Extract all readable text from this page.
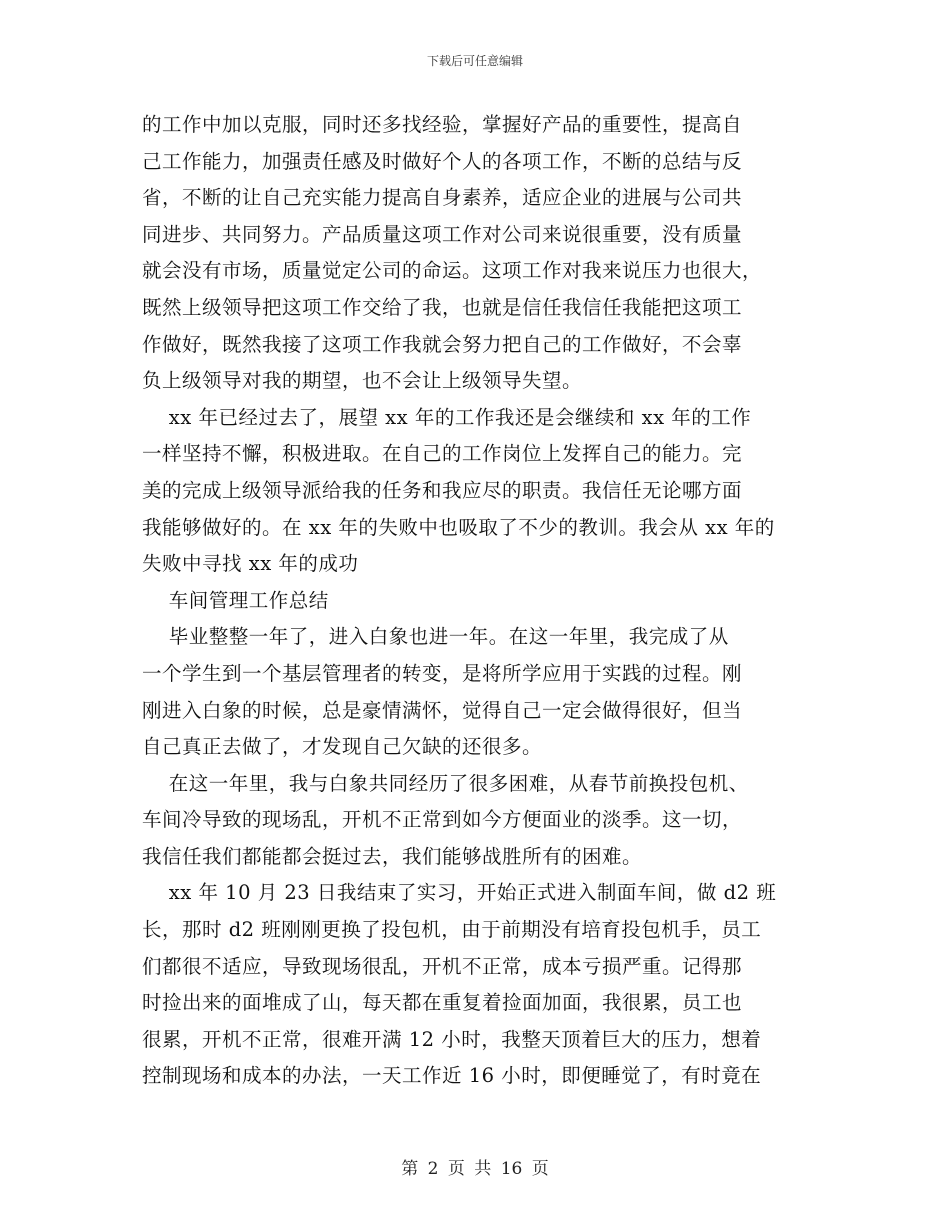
下载后可任意编辑

的工作中加以克服，同时还多找经验，掌握好产品的重要性，提高自
己工作能力，加强责任感及时做好个人的各项工作，不断的总结与反
省，不断的让自己充实能力提高自身素养，适应企业的进展与公司共
同进步、共同努力。产品质量这项工作对公司来说很重要，没有质量
就会没有市场，质量觉定公司的命运。这项工作对我来说压力也很大，
既然上级领导把这项工作交给了我，也就是信任我信任我能把这项工
作做好，既然我接了这项工作我就会努力把自己的工作做好，不会辜
负上级领导对我的期望，也不会让上级领导失望。

xx 年已经过去了，展望 xx 年的工作我还是会继续和 xx 年的工作
一样坚持不懈，积极进取。在自己的工作岗位上发挥自己的能力。完
美的完成上级领导派给我的任务和我应尽的职责。我信任无论哪方面
我能够做好的。在 xx 年的失败中也吸取了不少的教训。我会从 xx 年的
失败中寻找 xx 年的成功

车间管理工作总结

毕业整整一年了，进入白象也进一年。在这一年里，我完成了从
一个学生到一个基层管理者的转变，是将所学应用于实践的过程。刚
刚进入白象的时候，总是豪情满怀，觉得自己一定会做得很好，但当
自己真正去做了，才发现自己欠缺的还很多。

在这一年里，我与白象共同经历了很多困难，从春节前换投包机、
车间冷导致的现场乱，开机不正常到如今方便面业的淡季。这一切，
我信任我们都能都会挺过去，我们能够战胜所有的困难。

xx 年 10 月 23 日我结束了实习，开始正式进入制面车间，做 d2 班
长，那时 d2 班刚刚更换了投包机，由于前期没有培育投包机手，员工
们都很不适应，导致现场很乱，开机不正常，成本亏损严重。记得那
时捡出来的面堆成了山，每天都在重复着捡面加面，我很累，员工也
很累，开机不正常，很难开满 12 小时，我整天顶着巨大的压力，想着
控制现场和成本的办法，一天工作近 16 小时，即便睡觉了，有时竟在

第 2 页 共 16 页
